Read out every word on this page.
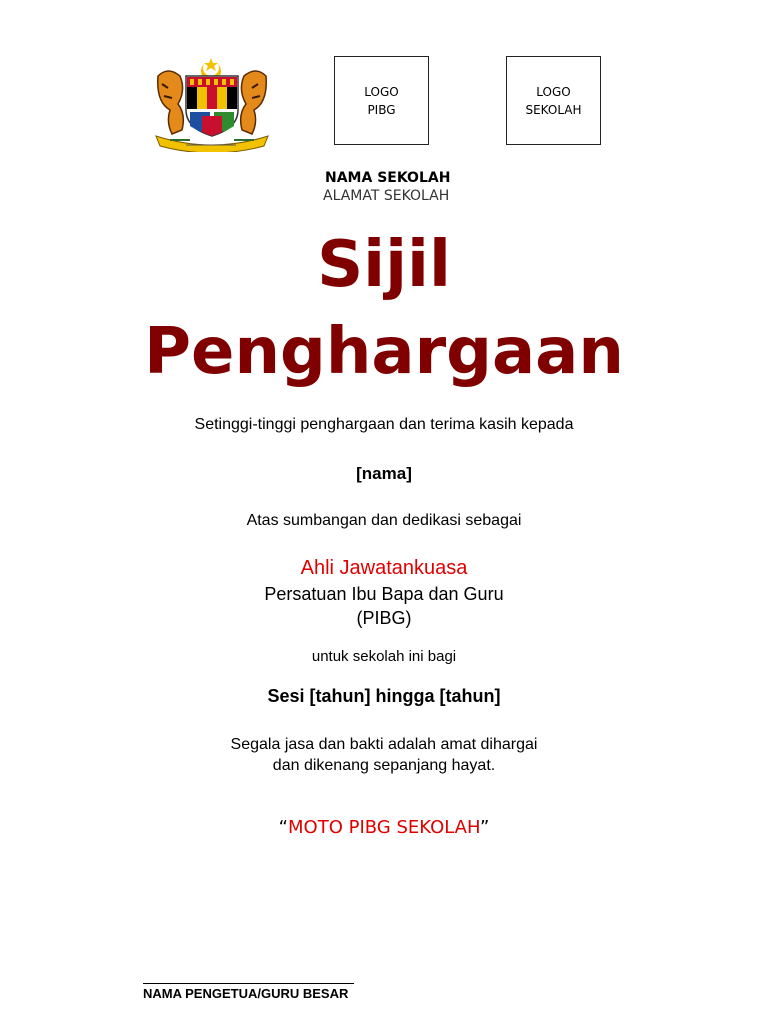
LOGO
PIBG
LOGO
SEKOLAH
NAMA SEKOLAH
ALAMAT SEKOLAH
Sijil
Penghargaan
Setinggi-tinggi penghargaan dan terima kasih kepada
[nama]
Atas sumbangan dan dedikasi sebagai
Ahli Jawatankuasa
Persatuan Ibu Bapa dan Guru
(PIBG)
untuk sekolah ini bagi
Sesi [tahun] hingga [tahun]
Segala jasa dan bakti adalah amat dihargai
dan dikenang sepanjang hayat.
“MOTO PIBG SEKOLAH”
NAMA PENGETUA/GURU BESAR
